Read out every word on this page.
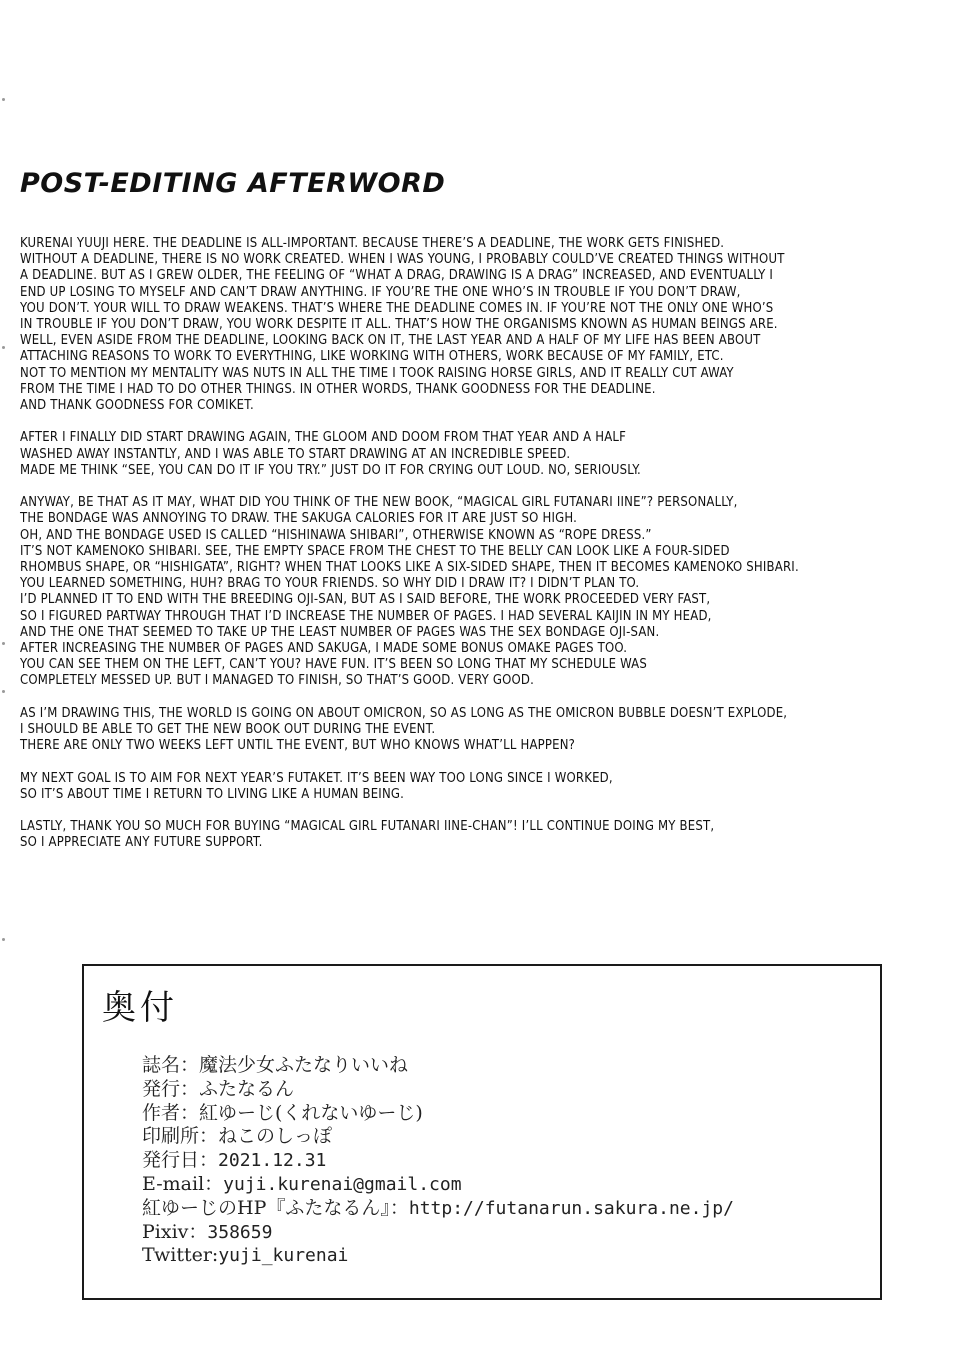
POST-EDITING AFTERWORD

KURENAI YUUJI HERE. THE DEADLINE IS ALL-IMPORTANT. BECAUSE THERE’S A DEADLINE, THE WORK GETS FINISHED.
WITHOUT A DEADLINE, THERE IS NO WORK CREATED. WHEN I WAS YOUNG, I PROBABLY COULD’VE CREATED THINGS WITHOUT
A DEADLINE. BUT AS I GREW OLDER, THE FEELING OF “WHAT A DRAG, DRAWING IS A DRAG” INCREASED, AND EVENTUALLY I
END UP LOSING TO MYSELF AND CAN’T DRAW ANYTHING. IF YOU’RE THE ONE WHO’S IN TROUBLE IF YOU DON’T DRAW,
YOU DON’T. YOUR WILL TO DRAW WEAKENS. THAT’S WHERE THE DEADLINE COMES IN. IF YOU’RE NOT THE ONLY ONE WHO’S
IN TROUBLE IF YOU DON’T DRAW, YOU WORK DESPITE IT ALL. THAT’S HOW THE ORGANISMS KNOWN AS HUMAN BEINGS ARE.
WELL, EVEN ASIDE FROM THE DEADLINE, LOOKING BACK ON IT, THE LAST YEAR AND A HALF OF MY LIFE HAS BEEN ABOUT
ATTACHING REASONS TO WORK TO EVERYTHING, LIKE WORKING WITH OTHERS, WORK BECAUSE OF MY FAMILY, ETC.
NOT TO MENTION MY MENTALITY WAS NUTS IN ALL THE TIME I TOOK RAISING HORSE GIRLS, AND IT REALLY CUT AWAY
FROM THE TIME I HAD TO DO OTHER THINGS. IN OTHER WORDS, THANK GOODNESS FOR THE DEADLINE.
AND THANK GOODNESS FOR COMIKET.

AFTER I FINALLY DID START DRAWING AGAIN, THE GLOOM AND DOOM FROM THAT YEAR AND A HALF
WASHED AWAY INSTANTLY, AND I WAS ABLE TO START DRAWING AT AN INCREDIBLE SPEED.
MADE ME THINK “SEE, YOU CAN DO IT IF YOU TRY.” JUST DO IT FOR CRYING OUT LOUD. NO, SERIOUSLY.

ANYWAY, BE THAT AS IT MAY, WHAT DID YOU THINK OF THE NEW BOOK, “MAGICAL GIRL FUTANARI IINE”? PERSONALLY,
THE BONDAGE WAS ANNOYING TO DRAW. THE SAKUGA CALORIES FOR IT ARE JUST SO HIGH.
OH, AND THE BONDAGE USED IS CALLED “HISHINAWA SHIBARI”, OTHERWISE KNOWN AS “ROPE DRESS.”
IT’S NOT KAMENOKO SHIBARI. SEE, THE EMPTY SPACE FROM THE CHEST TO THE BELLY CAN LOOK LIKE A FOUR-SIDED
RHOMBUS SHAPE, OR “HISHIGATA”, RIGHT? WHEN THAT LOOKS LIKE A SIX-SIDED SHAPE, THEN IT BECOMES KAMENOKO SHIBARI.
YOU LEARNED SOMETHING, HUH? BRAG TO YOUR FRIENDS. SO WHY DID I DRAW IT? I DIDN’T PLAN TO.
I’D PLANNED IT TO END WITH THE BREEDING OJI-SAN, BUT AS I SAID BEFORE, THE WORK PROCEEDED VERY FAST,
SO I FIGURED PARTWAY THROUGH THAT I’D INCREASE THE NUMBER OF PAGES. I HAD SEVERAL KAIJIN IN MY HEAD,
AND THE ONE THAT SEEMED TO TAKE UP THE LEAST NUMBER OF PAGES WAS THE SEX BONDAGE OJI-SAN.
AFTER INCREASING THE NUMBER OF PAGES AND SAKUGA, I MADE SOME BONUS OMAKE PAGES TOO.
YOU CAN SEE THEM ON THE LEFT, CAN’T YOU? HAVE FUN. IT’S BEEN SO LONG THAT MY SCHEDULE WAS
COMPLETELY MESSED UP. BUT I MANAGED TO FINISH, SO THAT’S GOOD. VERY GOOD.

AS I’M DRAWING THIS, THE WORLD IS GOING ON ABOUT OMICRON, SO AS LONG AS THE OMICRON BUBBLE DOESN’T EXPLODE,
I SHOULD BE ABLE TO GET THE NEW BOOK OUT DURING THE EVENT.
THERE ARE ONLY TWO WEEKS LEFT UNTIL THE EVENT, BUT WHO KNOWS WHAT’LL HAPPEN?

MY NEXT GOAL IS TO AIM FOR NEXT YEAR’S FUTAKET. IT’S BEEN WAY TOO LONG SINCE I WORKED,
SO IT’S ABOUT TIME I RETURN TO LIVING LIKE A HUMAN BEING.

LASTLY, THANK YOU SO MUCH FOR BUYING “MAGICAL GIRL FUTANARI IINE-CHAN”! I’LL CONTINUE DOING MY BEST,
SO I APPRECIATE ANY FUTURE SUPPORT.

奥付
誌名：魔法少女ふたなりいいね
発行：ふたなるん
作者：紅ゆーじ(くれないゆーじ)
印刷所：ねこのしっぽ
発行日：2021.12.31
E-mail：yuji.kurenai@gmail.com
紅ゆーじのHP『ふたなるん』：http://futanarun.sakura.ne.jp/
Pixiv：358659
Twitter:yuji_kurenai
